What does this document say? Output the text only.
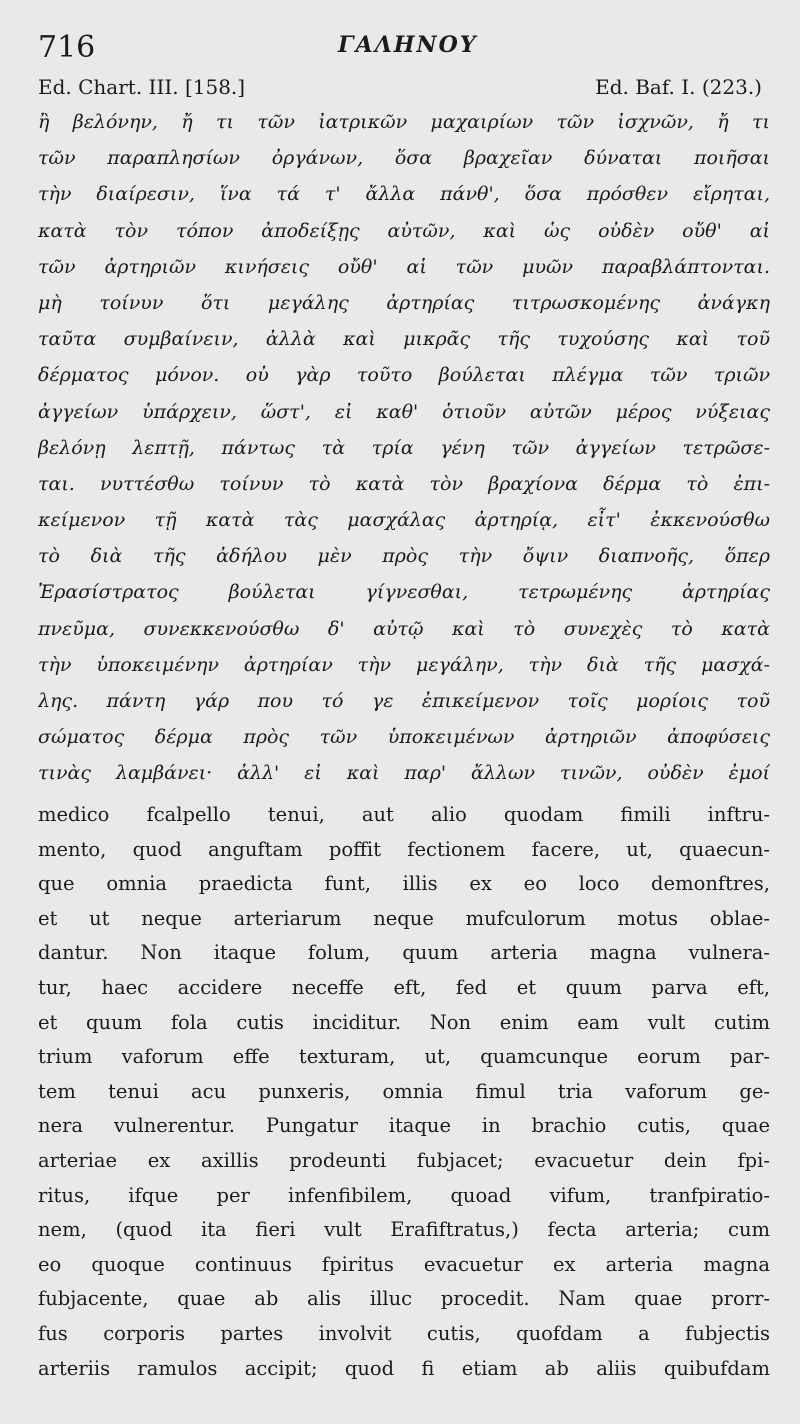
716	ΓΑΛΗΝΟΥ
Ed. Chart. III. [158.]	Ed. Baf. I. (223.)
ἢ βελόνην, ἤ τι τῶν ἰατρικῶν μαχαιρίων τῶν ἰσχνῶν, ἤ τι
τῶν παραπλησίων ὀργάνων, ὅσα βραχεῖαν δύναται ποιῆσαι
τὴν διαίρεσιν, ἵνα τά τ' ἄλλα πάνθ', ὅσα πρόσθεν εἴρηται,
κατὰ τὸν τόπον ἀποδείξῃς αὐτῶν, καὶ ὡς οὐδὲν οὔθ' αἱ
τῶν ἀρτηριῶν κινήσεις οὔθ' αἱ τῶν μυῶν παραβλάπτονται.
μὴ τοίνυν ὅτι μεγάλης ἀρτηρίας τιτρωσκομένης ἀνάγκη
ταῦτα συμβαίνειν, ἀλλὰ καὶ μικρᾶς τῆς τυχούσης καὶ τοῦ
δέρματος μόνον. οὐ γὰρ τοῦτο βούλεται πλέγμα τῶν τριῶν
ἀγγείων ὑπάρχειν, ὥστ', εἰ καθ' ὁτιοῦν αὐτῶν μέρος νύξειας
βελόνῃ λεπτῇ, πάντως τὰ τρία γένη τῶν ἀγγείων τετρῶσε-
ται. νυττέσθω τοίνυν τὸ κατὰ τὸν βραχίονα δέρμα τὸ ἐπι-
κείμενον τῇ κατὰ τὰς μασχάλας ἀρτηρίᾳ, εἶτ' ἐκκενούσθω
τὸ διὰ τῆς ἀδήλου μὲν πρὸς τὴν ὄψιν διαπνοῆς, ὅπερ
Ἐρασίστρατος βούλεται γίγνεσθαι, τετρωμένης ἀρτηρίας
πνεῦμα, συνεκκενούσθω δ' αὐτῷ καὶ τὸ συνεχὲς τὸ κατὰ
τὴν ὑποκειμένην ἀρτηρίαν τὴν μεγάλην, τὴν διὰ τῆς μασχά-
λης. πάντη γάρ που τό γε ἐπικείμενον τοῖς μορίοις τοῦ
σώματος δέρμα πρὸς τῶν ὑποκειμένων ἀρτηριῶν ἀποφύσεις
τινὰς λαμβάνει· ἀλλ' εἰ καὶ παρ' ἄλλων τινῶν, οὐδὲν ἐμοί
medico fcalpello tenui, aut alio quodam fimili inftru-
mento, quod anguftam poffit fectionem facere, ut, quaecun-
que omnia praedicta funt, illis ex eo loco demonftres,
et ut neque arteriarum neque mufculorum motus oblae-
dantur. Non itaque folum, quum arteria magna vulnera-
tur, haec accidere neceffe eft, fed et quum parva eft,
et quum fola cutis inciditur. Non enim eam vult cutim
trium vaforum effe texturam, ut, quamcunque eorum par-
tem tenui acu punxeris, omnia fimul tria vaforum ge-
nera vulnerentur. Pungatur itaque in brachio cutis, quae
arteriae ex axillis prodeunti fubjacet; evacuetur dein fpi-
ritus, ifque per infenfibilem, quoad vifum, tranfpiratio-
nem, (quod ita fieri vult Erafiftratus,) fecta arteria; cum
eo quoque continuus fpiritus evacuetur ex arteria magna
fubjacente, quae ab alis illuc procedit. Nam quae prorr-
fus corporis partes involvit cutis, quofdam a fubjectis
arteriis ramulos accipit; quod fi etiam ab aliis quibufdam
